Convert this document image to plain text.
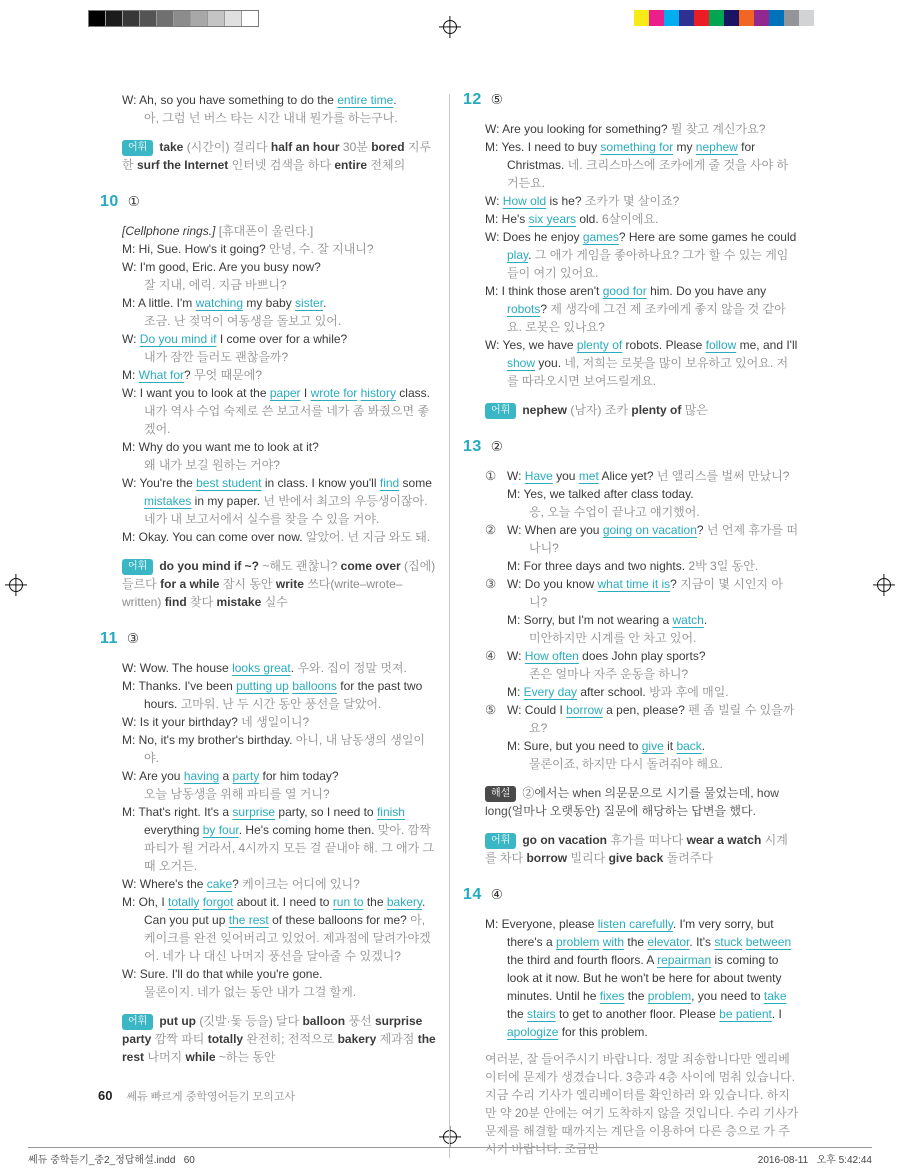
W: Ah, so you have something to do the entire time.

아, 그럼 넌 버스 타는 시간 내내 뭔가를 하는구나.

어휘 take (시간이) 걸리다 half an hour 30분 bored 지루한 surf the Internet 인터넷 검색을 하다 entire 전체의

10 ①

[Cellphone rings.] [휴대폰이 울린다.]

M: Hi, Sue. How's it going? 안녕, 수. 잘 지내니?

W: I'm good, Eric. Are you busy now?

잘 지내, 에릭. 지금 바쁘니?

M: A little. I'm watching my baby sister.

조금. 난 젖먹이 여동생을 돌보고 있어.

W: Do you mind if I come over for a while?

내가 잠깐 들러도 괜찮을까?

M: What for? 무엇 때문에?

W: I want you to look at the paper I wrote for history class.

내가 역사 수업 숙제로 쓴 보고서를 네가 좀 봐줬으면 좋겠어.

M: Why do you want me to look at it?

왜 내가 보길 원하는 거야?

W: You're the best student in class. I know you'll find some mistakes in my paper. 넌 반에서 최고의 우등생이잖아. 네가 내 보고서에서 실수를 찾을 수 있을 거야.

M: Okay. You can come over now. 알았어. 넌 지금 와도 돼.

어휘 do you mind if ~? ~해도 괜찮니? come over (집에) 들르다 for a while 잠시 동안 write 쓰다(write–wrote–written) find 찾다 mistake 실수

11 ③

W: Wow. The house looks great. 우와. 집이 정말 멋져.

M: Thanks. I've been putting up balloons for the past two hours. 고마워. 난 두 시간 동안 풍선을 달았어.

W: Is it your birthday? 네 생일이니?

M: No, it's my brother's birthday. 아니, 내 남동생의 생일이야.

W: Are you having a party for him today?

오늘 남동생을 위해 파티를 열 거니?

M: That's right. It's a surprise party, so I need to finish everything by four. He's coming home then. 맞아. 깜짝 파티가 될 거라서, 4시까지 모든 걸 끝내야 해. 그 애가 그때 오거든.

W: Where's the cake? 케이크는 어디에 있니?

M: Oh, I totally forgot about it. I need to run to the bakery. Can you put up the rest of these balloons for me? 아, 케이크를 완전 잊어버리고 있었어. 제과점에 달려가야겠어. 네가 나 대신 나머지 풍선을 달아줄 수 있겠니?

W: Sure. I'll do that while you're gone.

물론이지. 네가 없는 동안 내가 그걸 할게.

어휘 put up (깃발·돛 등을) 달다 balloon 풍선 surprise party 깜짝 파티 totally 완전히; 전적으로 bakery 제과점 the rest 나머지 while ~하는 동안

12 ⑤

W: Are you looking for something? 뭘 찾고 계신가요?

M: Yes. I need to buy something for my nephew for Christmas. 네. 크리스마스에 조카에게 줄 것을 사야 하거든요.

W: How old is he? 조카가 몇 살이죠?

M: He's six years old. 6살이에요.

W: Does he enjoy games? Here are some games he could play. 그 애가 게임을 좋아하나요? 그가 할 수 있는 게임들이 여기 있어요.

M: I think those aren't good for him. Do you have any robots? 제 생각에 그건 제 조카에게 좋지 않을 것 같아요. 로봇은 있나요?

W: Yes, we have plenty of robots. Please follow me, and I'll show you. 네, 저희는 로봇을 많이 보유하고 있어요. 저를 따라오시면 보여드릴게요.

어휘 nephew (남자) 조카 plenty of 많은

13 ②
① W: Have you met Alice yet? 넌 앨리스를 벌써 만났니?

M: Yes, we talked after class today.

응, 오늘 수업이 끝나고 얘기했어.

② W: When are you going on vacation? 넌 언제 휴가를 떠나니?

M: For three days and two nights. 2박 3일 동안.

③ W: Do you know what time it is? 지금이 몇 시인지 아니?

M: Sorry, but I'm not wearing a watch.

미안하지만 시계를 안 차고 있어.

④ W: How often does John play sports?

존은 얼마나 자주 운동을 하니?

M: Every day after school. 방과 후에 매일.

⑤ W: Could I borrow a pen, please? 펜 좀 빌릴 수 있을까요?

M: Sure, but you need to give it back.

물론이죠, 하지만 다시 돌려줘야 해요.

해설 ②에서는 when 의문문으로 시기를 물었는데, how long(얼마나 오랫동안) 질문에 해당하는 답변을 했다.

어휘 go on vacation 휴가를 떠나다 wear a watch 시계를 차다 borrow 빌리다 give back 돌려주다

14 ④

M: Everyone, please listen carefully. I'm very sorry, but there's a problem with the elevator. It's stuck between the third and fourth floors. A repairman is coming to look at it now. But he won't be here for about twenty minutes. Until he fixes the problem, you need to take the stairs to get to another floor. Please be patient. I apologize for this problem.

여러분, 잘 들어주시기 바랍니다. 정말 죄송합니다만 엘리베이터에 문제가 생겼습니다. 3층과 4층 사이에 멈춰 있습니다. 지금 수리 기사가 엘리베이터를 확인하러 와 있습니다. 하지만 약 20분 안에는 여기 도착하지 않을 것입니다. 수리 기사가 문제를 해결할 때까지는 계단을 이용하여 다른 층으로 가 주시기 바랍니다. 조금만
60 쎄듀 빠르게 중학영어듣기 모의고사
쎄듀 중학듣기_중2_정답해설.indd   60	2016-08-11   오후 5:42:44
